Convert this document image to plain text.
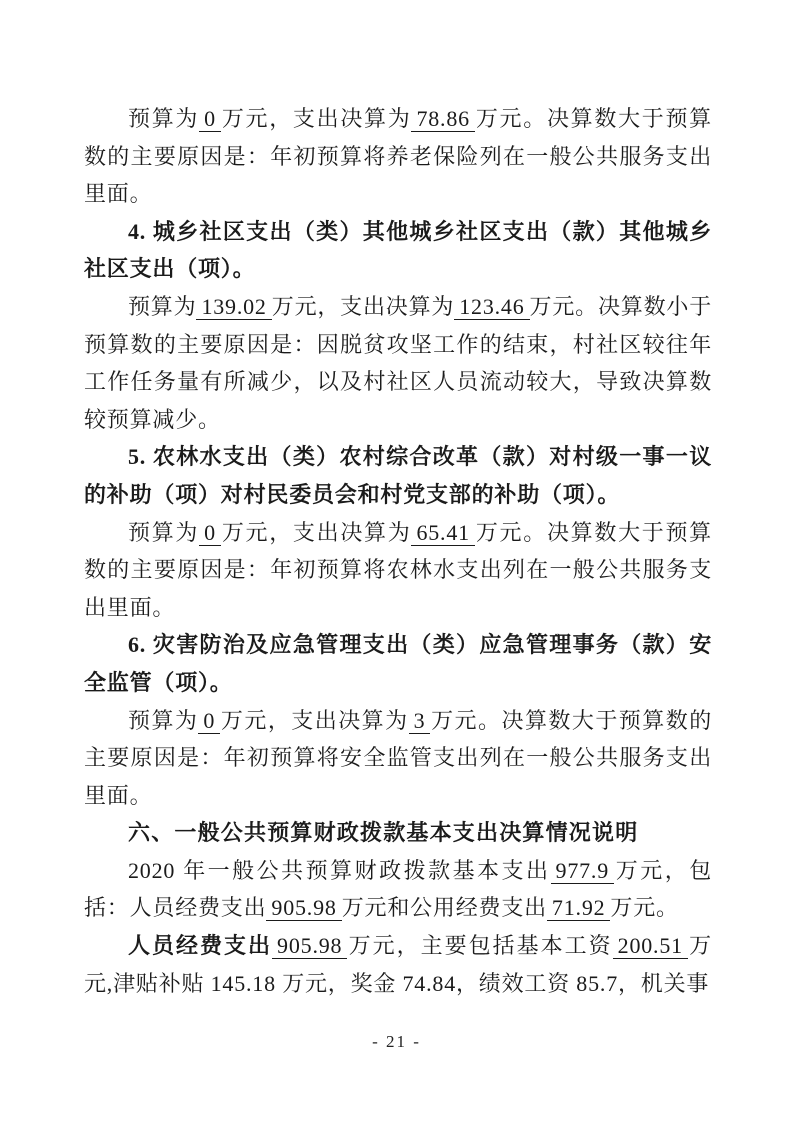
预算为 0 万元，支出决算为 78.86 万元。决算数大于预算数的主要原因是：年初预算将养老保险列在一般公共服务支出里面。

4. 城乡社区支出（类）其他城乡社区支出（款）其他城乡社区支出（项）。

预算为 139.02 万元，支出决算为 123.46 万元。决算数小于预算数的主要原因是：因脱贫攻坚工作的结束，村社区较往年工作任务量有所减少，以及村社区人员流动较大，导致决算数较预算减少。

5. 农林水支出（类）农村综合改革（款）对村级一事一议的补助（项）对村民委员会和村党支部的补助（项）。

预算为 0 万元，支出决算为 65.41 万元。决算数大于预算数的主要原因是：年初预算将农林水支出列在一般公共服务支出里面。

6. 灾害防治及应急管理支出（类）应急管理事务（款）安全监管（项）。

预算为 0 万元，支出决算为 3 万元。决算数大于预算数的主要原因是：年初预算将安全监管支出列在一般公共服务支出里面。

六、一般公共预算财政拨款基本支出决算情况说明

2020 年一般公共预算财政拨款基本支出 977.9 万元，包括：人员经费支出 905.98 万元和公用经费支出 71.92 万元。

人员经费支出 905.98 万元，主要包括基本工资 200.51 万元,津贴补贴 145.18 万元，奖金 74.84，绩效工资 85.7，机关事

- 21 -
